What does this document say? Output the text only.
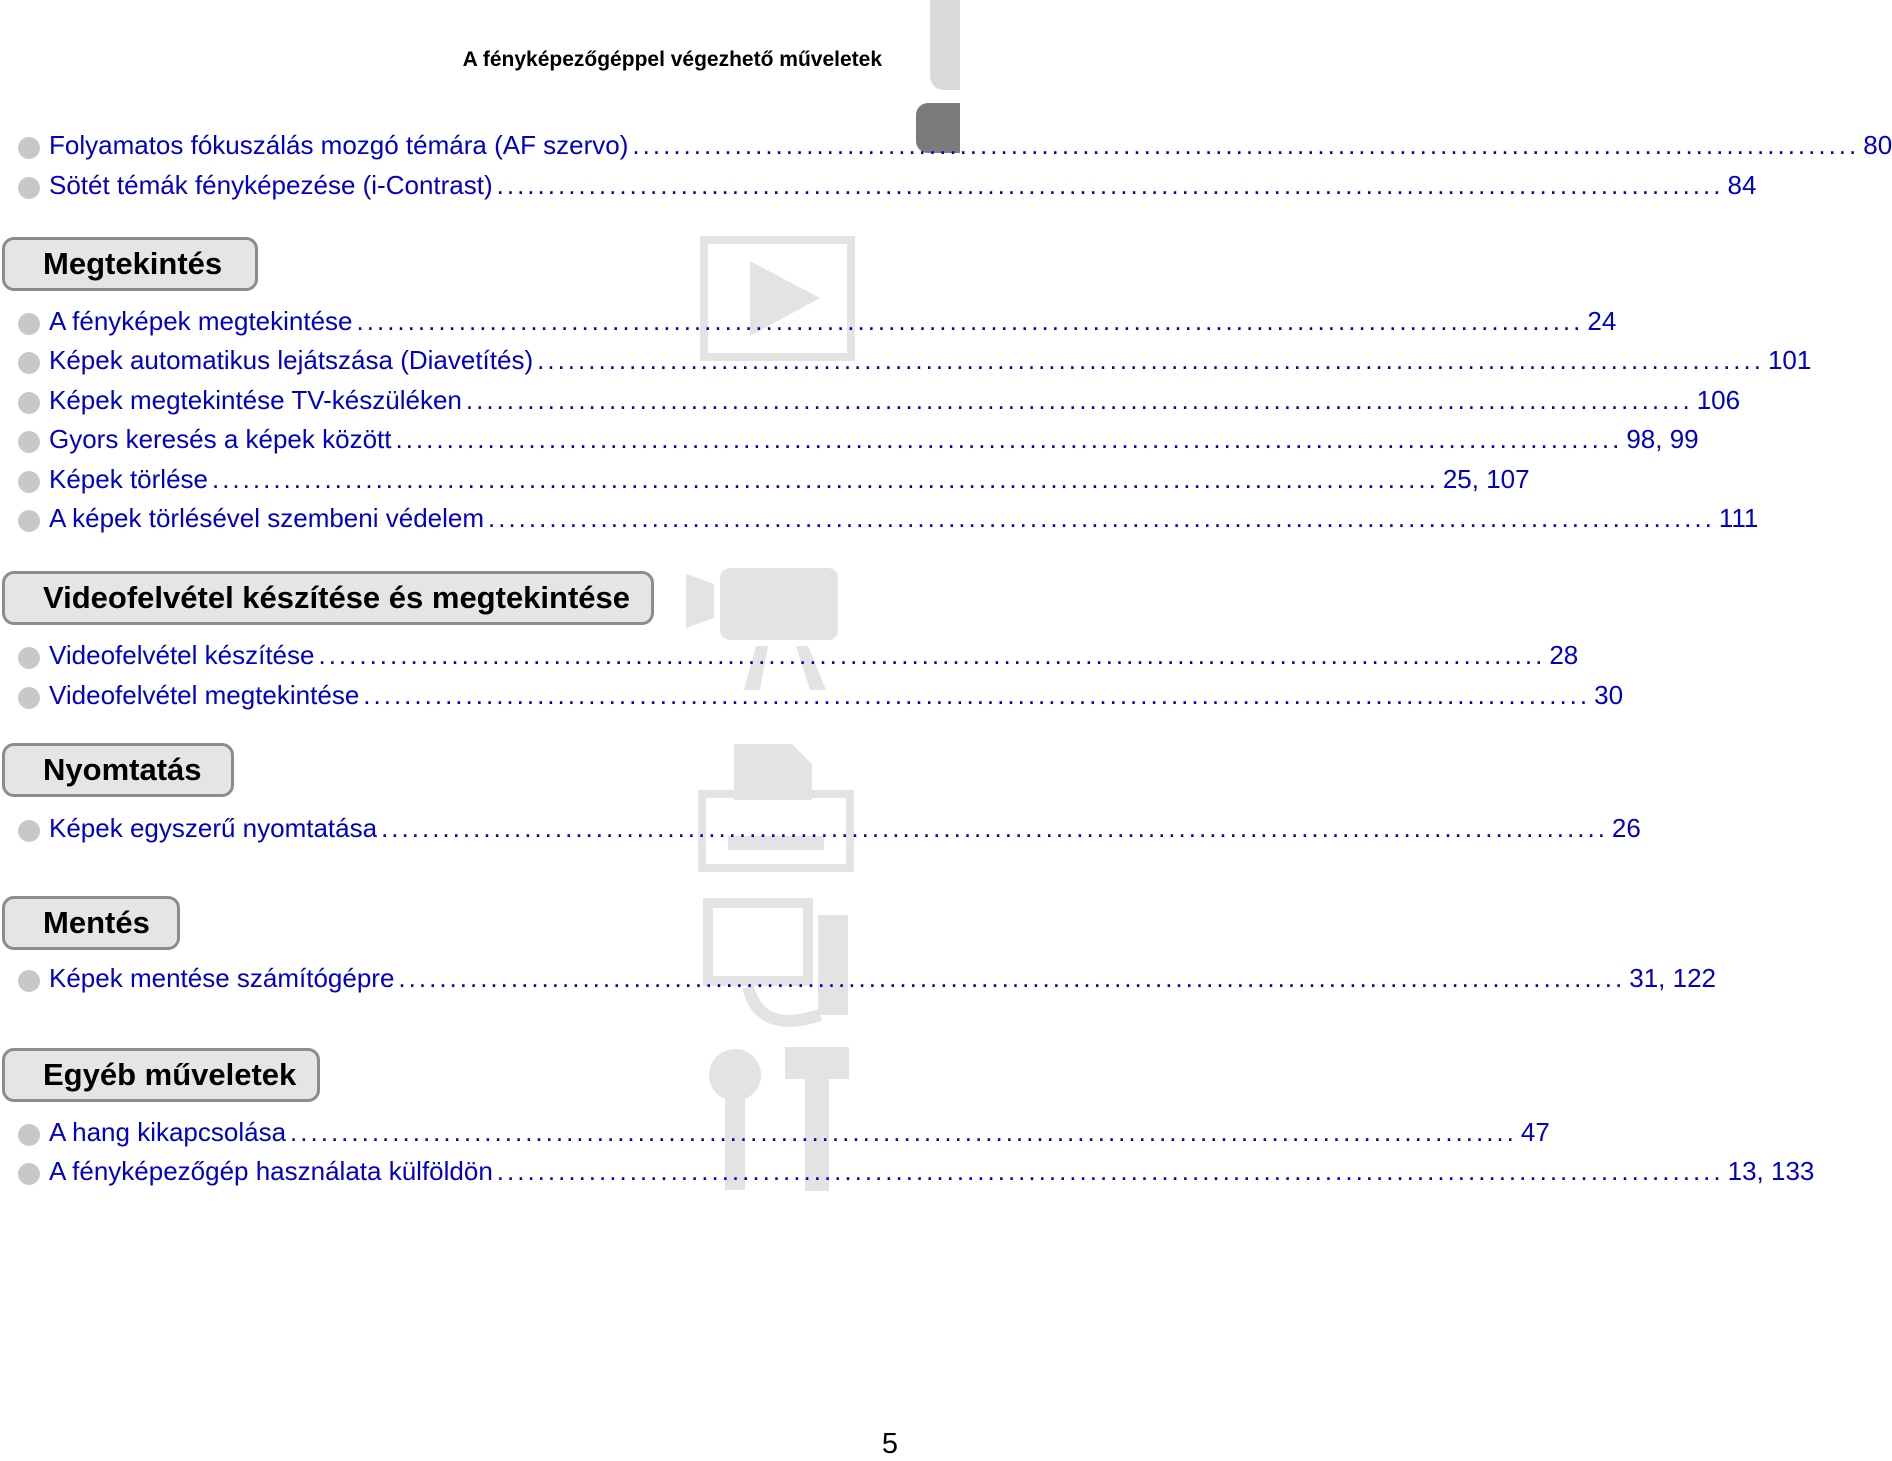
A fényképezőgéppel végezhető műveletek
Folyamatos fókuszálás mozgó témára (AF szervo) ........................................................................................................................ 80
Sötét témák fényképezése (i-Contrast) ........................................................................................................................ 84
Megtekintés
A fényképek megtekintése ........................................................................................................................ 24
Képek automatikus lejátszása (Diavetítés) ........................................................................................................................ 101
Képek megtekintése TV-készüléken ........................................................................................................................ 106
Gyors keresés a képek között ........................................................................................................................ 98, 99
Képek törlése ........................................................................................................................ 25, 107
A képek törlésével szembeni védelem ........................................................................................................................ 111
Videofelvétel készítése és megtekintése
Videofelvétel készítése ........................................................................................................................ 28
Videofelvétel megtekintése ........................................................................................................................ 30
Nyomtatás
Képek egyszerű nyomtatása ........................................................................................................................ 26
Mentés
Képek mentése számítógépre ........................................................................................................................ 31, 122
Egyéb műveletek
A hang kikapcsolása ........................................................................................................................ 47
A fényképezőgép használata külföldön ........................................................................................................................ 13, 133
5
